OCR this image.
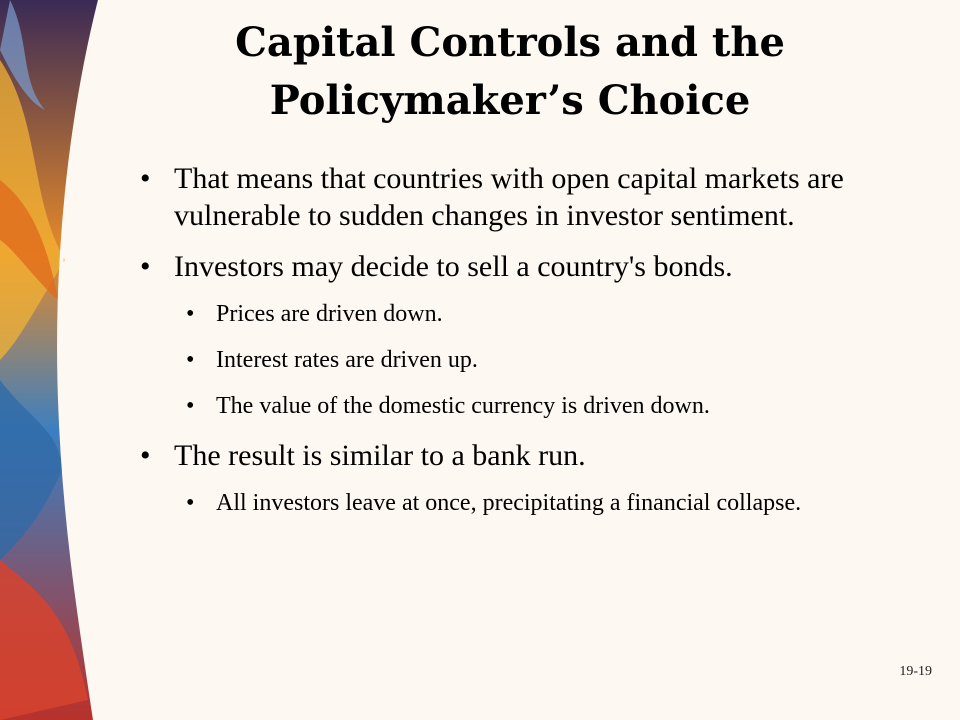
Capital Controls and the
Policymaker’s Choice
• That means that countries with open capital markets are vulnerable to sudden changes in investor sentiment.
• Investors may decide to sell a country's bonds.
• Prices are driven down.
• Interest rates are driven up.
• The value of the domestic currency is driven down.
• The result is similar to a bank run.
• All investors leave at once, precipitating a financial collapse.
19-19
